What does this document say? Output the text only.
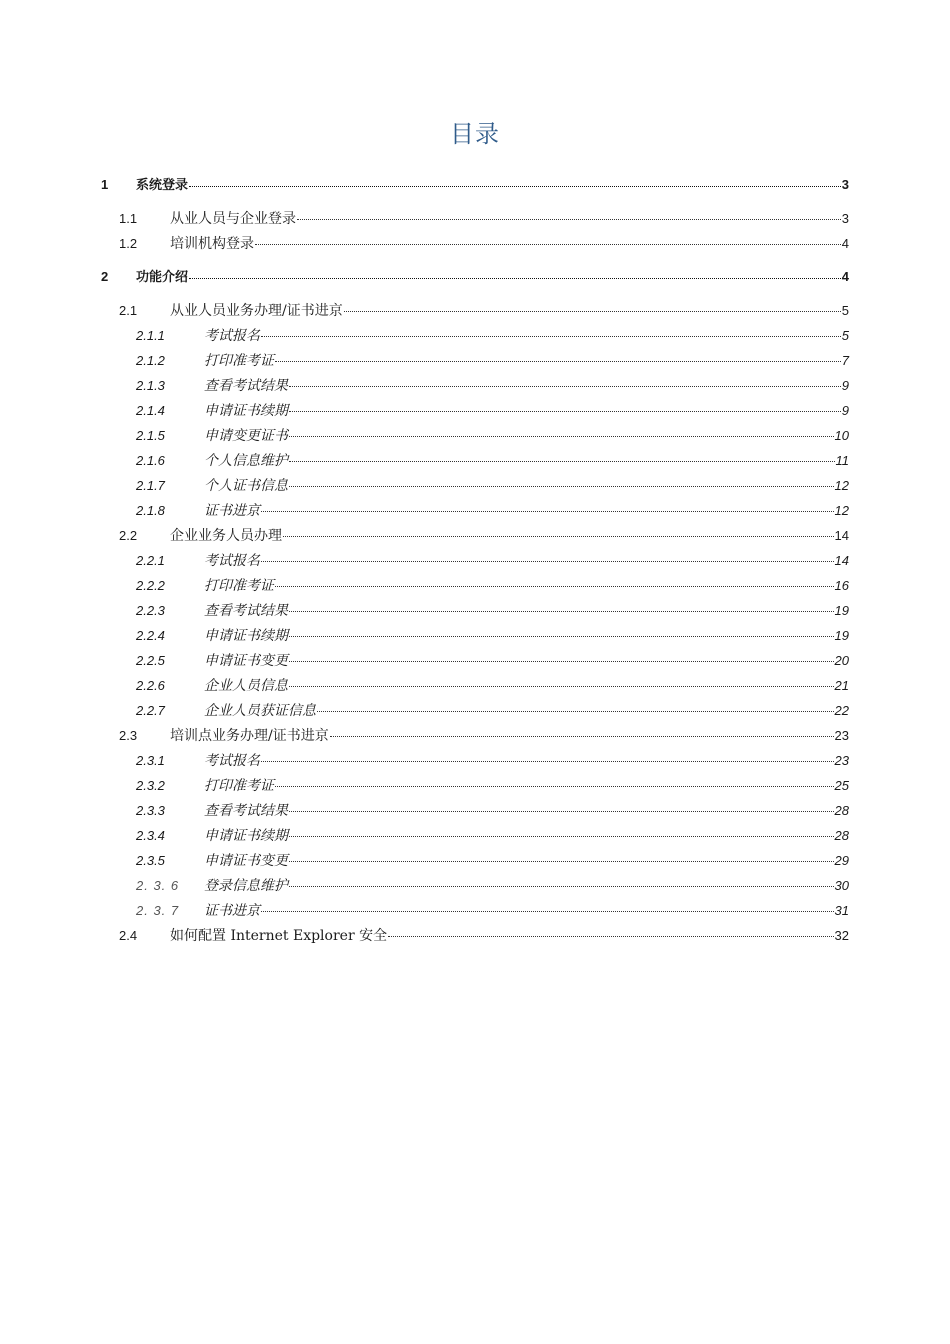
目录
1	系统登录	3
1.1	从业人员与企业登录	3
1.2	培训机构登录	4
2	功能介绍	4
2.1	从业人员业务办理/证书进京	5
2.1.1	考试报名	5
2.1.2	打印准考证	7
2.1.3	查看考试结果	9
2.1.4	申请证书续期	9
2.1.5	申请变更证书	10
2.1.6	个人信息维护	11
2.1.7	个人证书信息	12
2.1.8	证书进京	12
2.2	企业业务人员办理	14
2.2.1	考试报名	14
2.2.2	打印准考证	16
2.2.3	查看考试结果	19
2.2.4	申请证书续期	19
2.2.5	申请证书变更	20
2.2.6	企业人员信息	21
2.2.7	企业人员获证信息	22
2.3	培训点业务办理/证书进京	23
2.3.1	考试报名	23
2.3.2	打印准考证	25
2.3.3	查看考试结果	28
2.3.4	申请证书续期	28
2.3.5	申请证书变更	29
2. 3. 6	登录信息维护	30
2. 3. 7	证书进京	31
2.4	如何配置 Internet Explorer 安全	32
